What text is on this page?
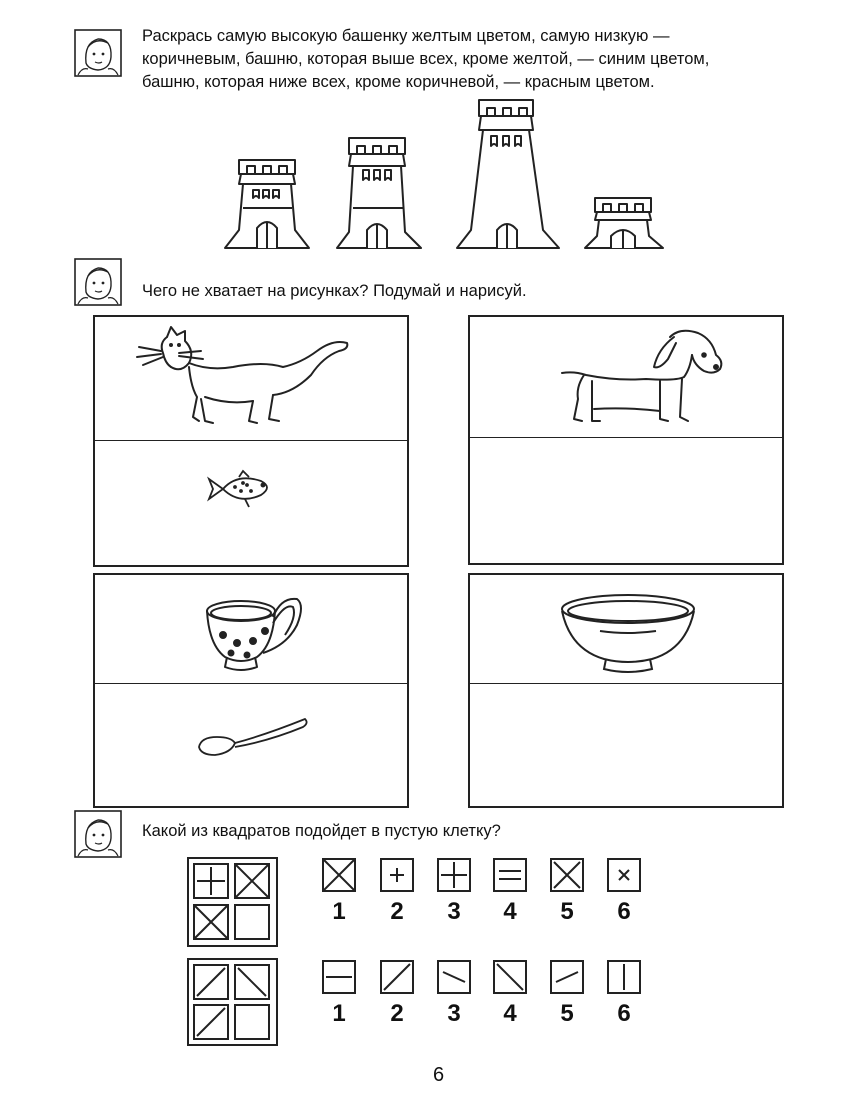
Раскрась самую высокую башенку желтым цветом, самую низкую —
коричневым, башню, которая выше всех, кроме желтой, — синим цветом,
башню, которая ниже всех, кроме коричневой, — красным цветом.
Чего не хватает на рисунках? Подумай и нарисуй.
Какой из квадратов подойдет в пустую клетку?
1	2	3	4	5	6
1	2	3	4	5	6
6
